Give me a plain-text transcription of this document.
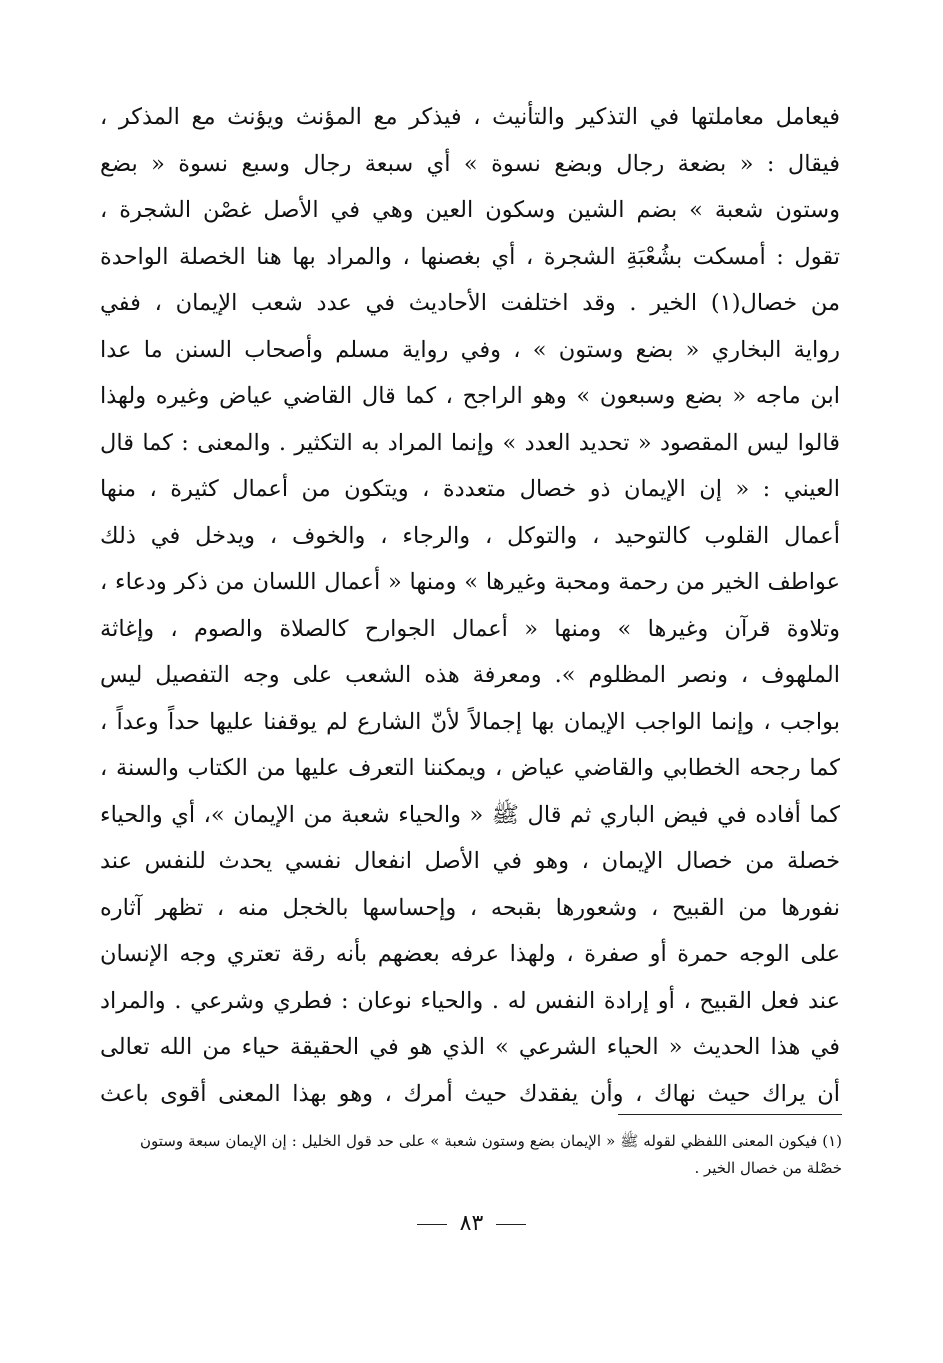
فيعامل معاملتها في التذكير والتأنيث ، فيذكر مع المؤنث ويؤنث مع المذكر ،
فيقال : « بضعة رجال وبضع نسوة » أي سبعة رجال وسبع نسوة « بضع
وستون شعبة » بضم الشين وسكون العين وهي في الأصل غصْن الشجرة ،
تقول : أمسكت بشُعْبَةِ الشجرة ، أي بغصنها ، والمراد بها هنا الخصلة الواحدة
من خصال(١) الخير . وقد اختلفت الأحاديث في عدد شعب الإيمان ، ففي
رواية البخاري « بضع وستون » ، وفي رواية مسلم وأصحاب السنن ما عدا
ابن ماجه « بضع وسبعون » وهو الراجح ، كما قال القاضي عياض وغيره ولهذا
قالوا ليس المقصود « تحديد العدد » وإنما المراد به التكثير . والمعنى : كما قال
العيني : « إن الإيمان ذو خصال متعددة ، ويتكون من أعمال كثيرة ، منها
أعمال القلوب كالتوحيد ، والتوكل ، والرجاء ، والخوف ، ويدخل في ذلك
عواطف الخير من رحمة ومحبة وغيرها » ومنها « أعمال اللسان من ذكر ودعاء ،
وتلاوة قرآن وغيرها » ومنها « أعمال الجوارح كالصلاة والصوم ، وإغاثة
الملهوف ، ونصر المظلوم ». ومعرفة هذه الشعب على وجه التفصيل ليس
بواجب ، وإنما الواجب الإيمان بها إجمالاً لأنّ الشارع لم يوقفنا عليها حداً وعداً ،
كما رجحه الخطابي والقاضي عياض ، ويمكننا التعرف عليها من الكتاب والسنة ،
كما أفاده في فيض الباري ثم قال ﷺ « والحياء شعبة من الإيمان »، أي والحياء
خصلة من خصال الإيمان ، وهو في الأصل انفعال نفسي يحدث للنفس عند
نفورها من القبيح ، وشعورها بقبحه ، وإحساسها بالخجل منه ، تظهر آثاره
على الوجه حمرة أو صفرة ، ولهذا عرفه بعضهم بأنه رقة تعتري وجه الإنسان
عند فعل القبيح ، أو إرادة النفس له . والحياء نوعان : فطري وشرعي . والمراد
في هذا الحديث « الحياء الشرعي » الذي هو في الحقيقة حياء من الله تعالى
أن يراك حيث نهاك ، وأن يفقدك حيث أمرك ، وهو بهذا المعنى أقوى باعث
(١) فيكون المعنى اللفظي لقوله ﷺ « الإيمان بضع وستون شعبة » على حد قول الخليل : إن الإيمان سبعة وستون
خصْلة من خصال الخير .
٨٣
